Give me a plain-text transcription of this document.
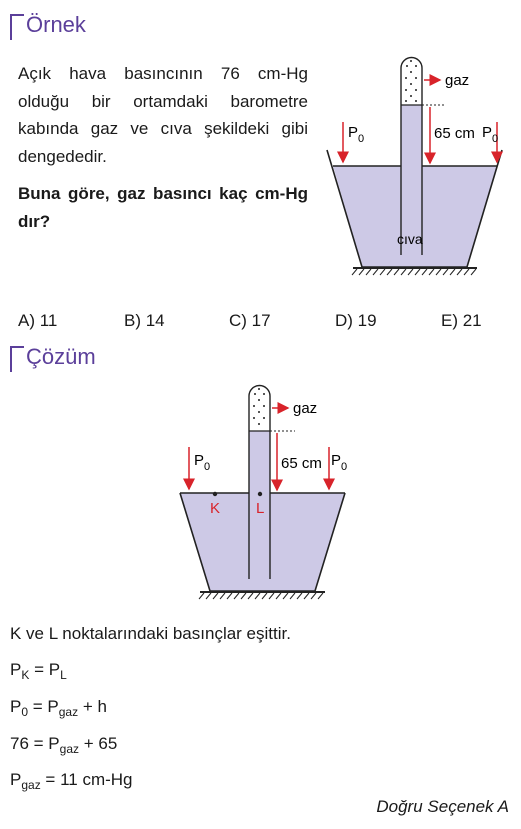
Örnek
Açık hava basıncının 76 cm-Hg olduğu bir ortamdaki barometre kabında gaz ve cıva şekildeki gibi dengededir.
Buna göre, gaz basıncı kaç cm-Hg dır?
gaz
65 cm
$P_0$	$P_0$
cıva
A) 11	B) 14	C) 17	D) 19	E) 21
Çözüm
gaz
65 cm
$P_0$	$P_0$
K L
K ve L noktalarındaki basınçlar eşittir.
$P_K = P_L$
$P_0 = P_{gaz} + h$
$76 = P_{gaz} + 65$
$P_{gaz} = 11$ cm-Hg
Doğru Seçenek A
